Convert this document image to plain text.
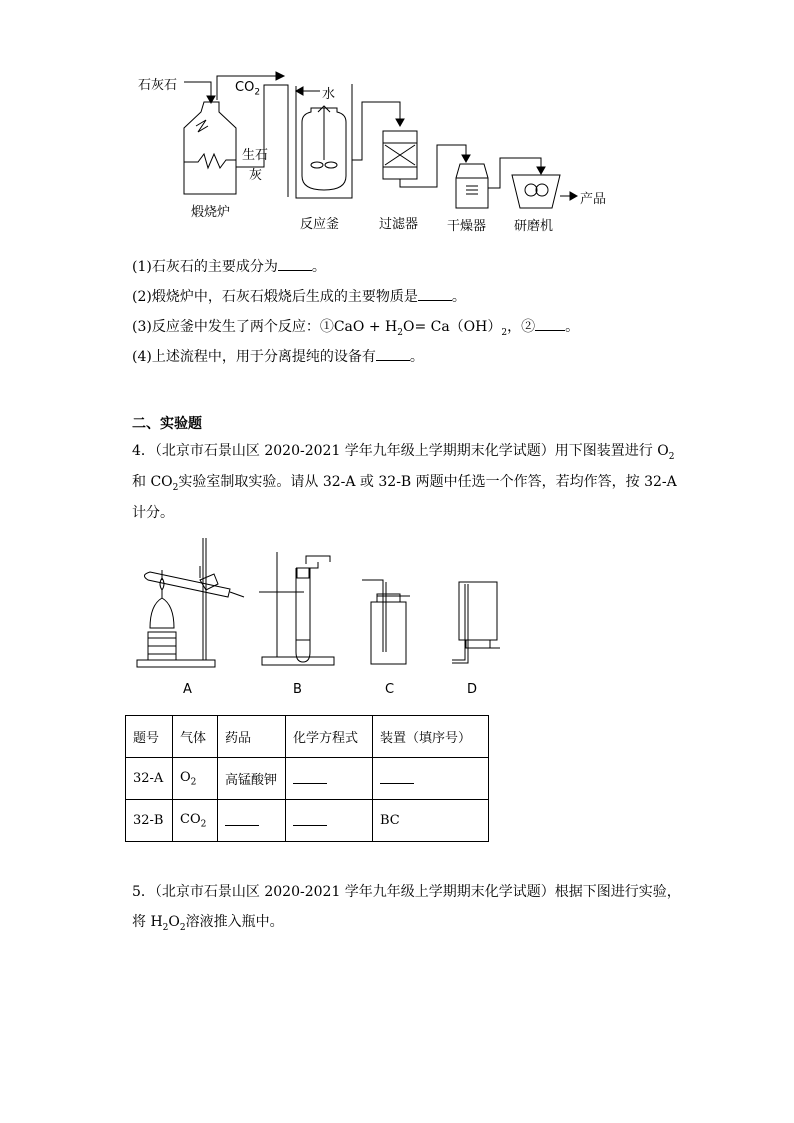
石灰石	$CO_2$	水
生石
灰
煅烧炉
反应釜	过滤器 干燥器 研磨机
产品
(1)石灰石的主要成分为 。
(2)煅烧炉中，石灰石煅烧后生成的主要物质是 。
(3)反应釜中发生了两个反应：①CaO + $H_2O= Ca(OH)_2$，② 。
(4)上述流程中，用于分离提纯的设备有 。
二、实验题
4．（北京市石景山区 2020-2021 学年九年级上学期期末化学试题）用下图装置进行 $O_2$
和 $CO_2$实验室制取实验。请从 32-A 或 32-B 两题中任选一个作答，若均作答，按 32-A
计分。
A	B	C	D
题号	气体	药品	化学方程式	装置（填序号）
32-A	$O_2$	高锰酸钾		
32-B	$CO_2$			BC
5．（北京市石景山区 2020-2021 学年九年级上学期期末化学试题）根据下图进行实验，
将 $H_2O_2$溶液推入瓶中。
